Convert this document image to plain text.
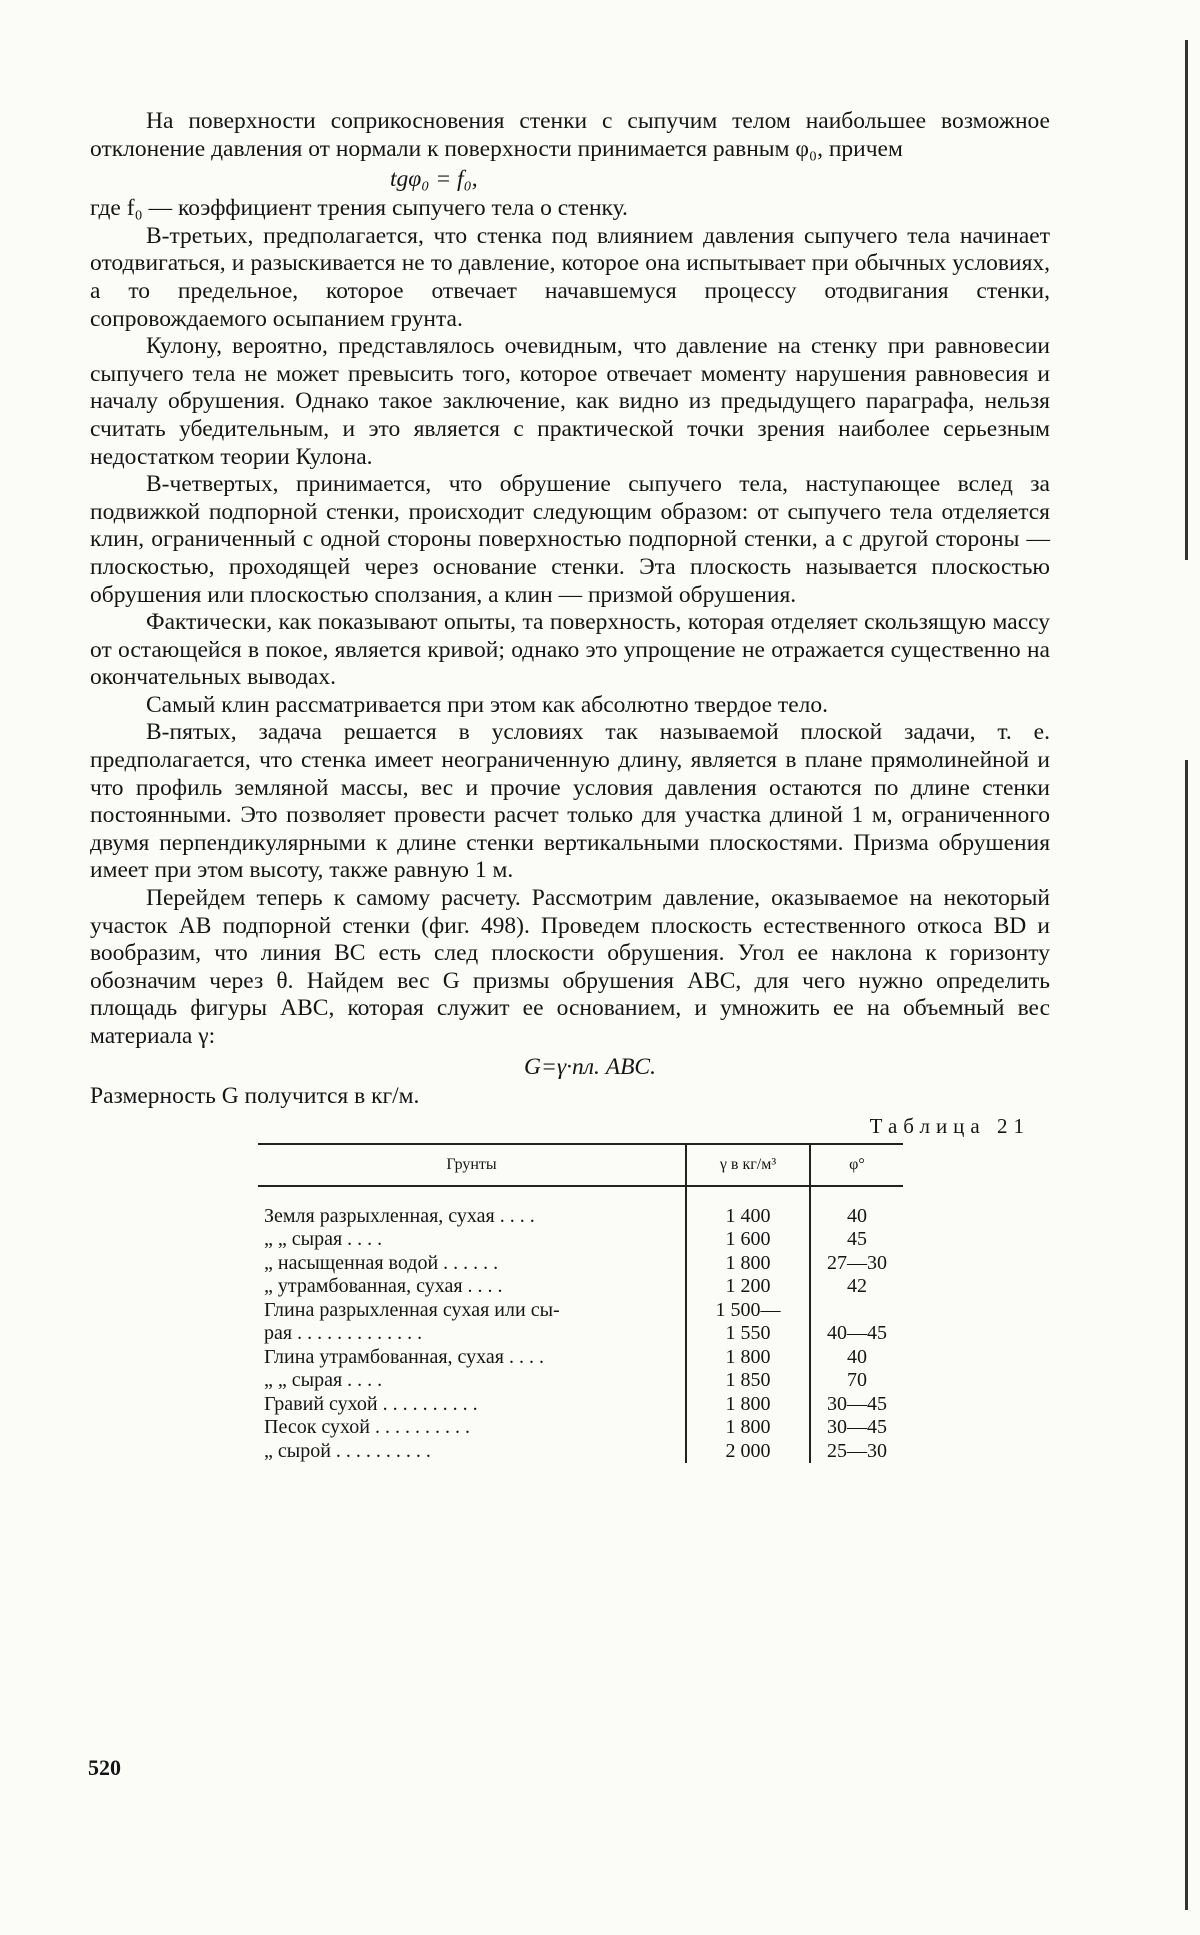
На поверхности соприкосновения стенки с сыпучим телом наибольшее возможное отклонение давления от нормали к поверхности принимается равным φ₀, причем

tgφ₀ = f₀,

где f₀ — коэффициент трения сыпучего тела о стенку.

В-третьих, предполагается, что стенка под влиянием давления сыпучего тела начинает отодвигаться, и разыскивается не то давление, которое она испытывает при обычных условиях, а то предельное, которое отвечает начавшемуся процессу отодвигания стенки, сопровождаемого осыпанием грунта.

Кулону, вероятно, представлялось очевидным, что давление на стенку при равновесии сыпучего тела не может превысить того, которое отвечает моменту нарушения равновесия и началу обрушения. Однако такое заключение, как видно из предыдущего параграфа, нельзя считать убедительным, и это является с практической точки зрения наиболее серьезным недостатком теории Кулона.

В-четвертых, принимается, что обрушение сыпучего тела, наступающее вслед за подвижкой подпорной стенки, происходит следующим образом: от сыпучего тела отделяется клин, ограниченный с одной стороны поверхностью подпорной стенки, а с другой стороны — плоскостью, проходящей через основание стенки. Эта плоскость называется плоскостью обрушения или плоскостью сползания, а клин — призмой обрушения.

Фактически, как показывают опыты, та поверхность, которая отделяет скользящую массу от остающейся в покое, является кривой; однако это упрощение не отражается существенно на окончательных выводах.

Самый клин рассматривается при этом как абсолютно твердое тело.

В-пятых, задача решается в условиях так называемой плоской задачи, т. е. предполагается, что стенка имеет неограниченную длину, является в плане прямолинейной и что профиль земляной массы, вес и прочие условия давления остаются по длине стенки постоянными. Это позволяет провести расчет только для участка длиной 1 м, ограниченного двумя перпендикулярными к длине стенки вертикальными плоскостями. Призма обрушения имеет при этом высоту, также равную 1 м.

Перейдем теперь к самому расчету. Рассмотрим давление, оказываемое на некоторый участок AB подпорной стенки (фиг. 498). Проведем плоскость естественного откоса BD и вообразим, что линия BC есть след плоскости обрушения. Угол ее наклона к горизонту обозначим через θ. Найдем вес G призмы обрушения ABC, для чего нужно определить площадь фигуры ABC, которая служит ее основанием, и умножить ее на объемный вес материала γ:

G=γ·пл. ABC.

Размерность G получится в кг/м.

Таблица 21
Грунты	γ в кг/м³	φ°

Земля разрыхленная, сухая . . . .	1 400	40
„ „ сырая . . . .	1 600	45
„ насыщенная водой . . . . . .	1 800	27—30
„ утрамбованная, сухая . . . .	1 200	42
Глина разрыхленная сухая или сы-	1 500—	
рая . . . . . . . . . . . . .	1 550	40—45
Глина утрамбованная, сухая . . . .	1 800	40
„ „ сырая . . . .	1 850	70
Гравий сухой . . . . . . . . . .	1 800	30—45
Песок сухой . . . . . . . . . .	1 800	30—45
„ сырой . . . . . . . . . .	2 000	25—30
520
